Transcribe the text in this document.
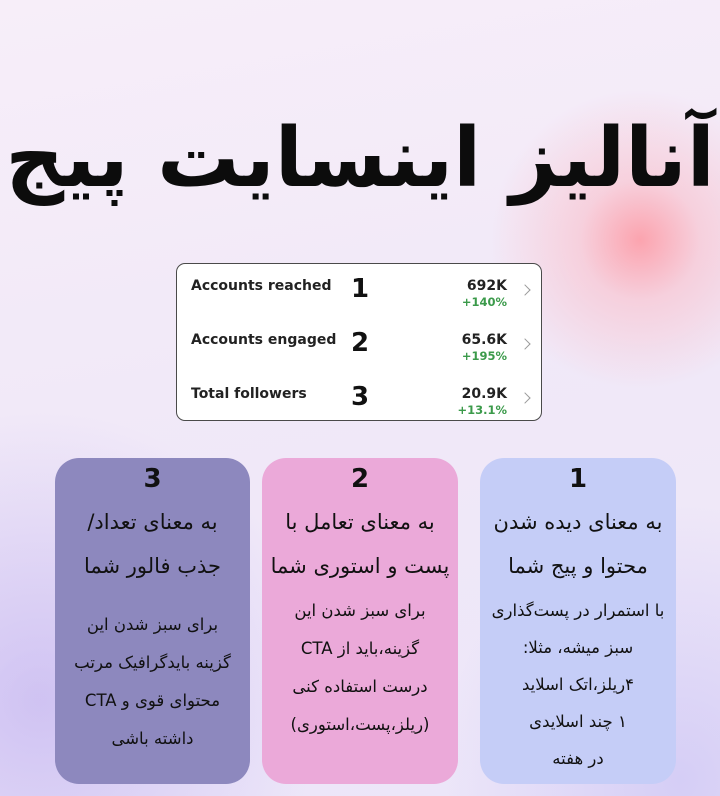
آنالیز اینسایت پیج
Accounts reached 1	692K
+140%
Accounts engaged 2	65.6K
+195%
Total followers 3	20.9K
+13.1%
3
به معنای تعداد/
جذب فالور شما
برای سبز شدن این
گزینه بایدگرافیک مرتب
محتوای قوی و CTA
داشته باشی
2
به معنای تعامل با
پست و استوری شما
برای سبز شدن این
گزینه،باید از CTA
درست استفاده کنی
(ریلز،پست،استوری)
1
به معنای دیده شدن
محتوا و پیج شما
با استمرار در پست‌گذاری
سبز میشه، مثلا:
۴ریلز،اتک اسلاید
۱ چند اسلایدی
در هفته
